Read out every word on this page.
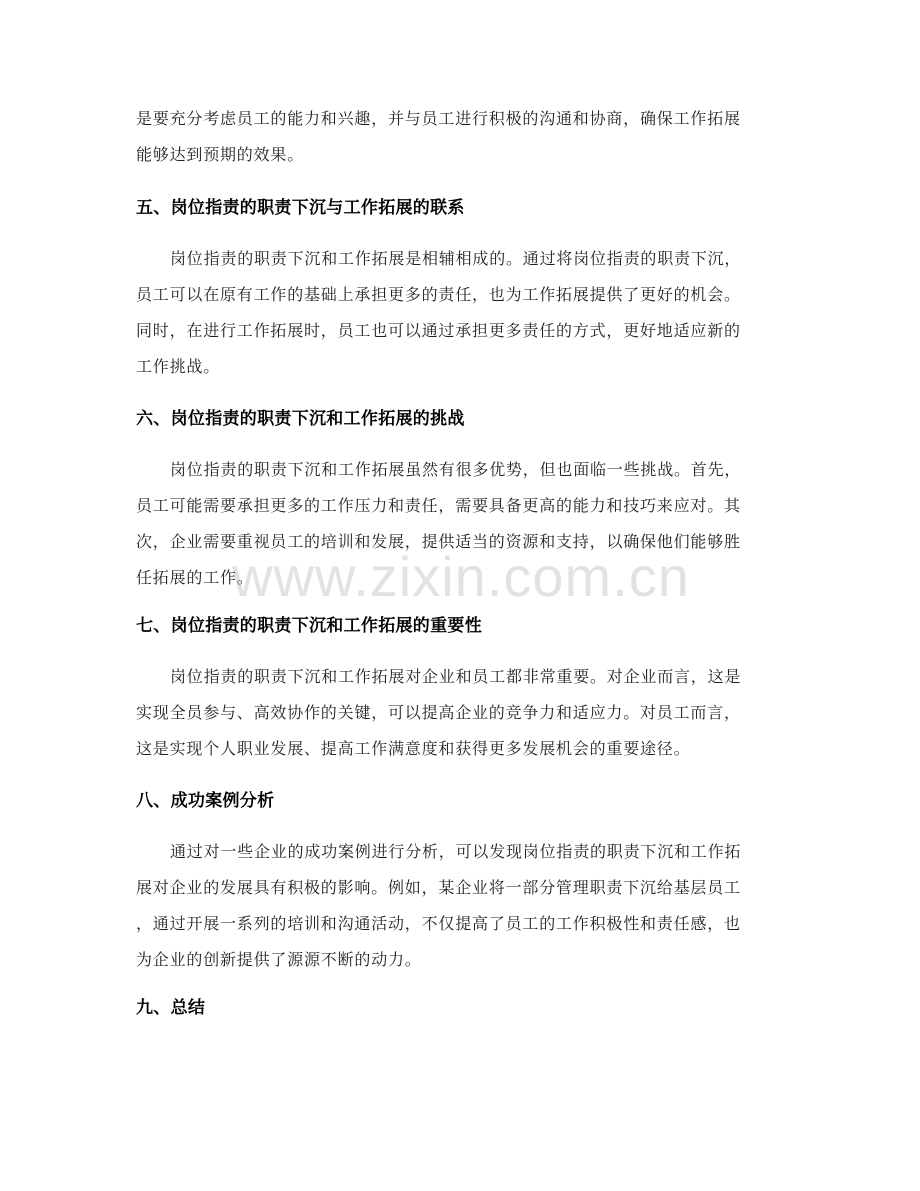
是要充分考虑员工的能力和兴趣，并与员工进行积极的沟通和协商，确保工作拓展
能够达到预期的效果。
五、岗位指责的职责下沉与工作拓展的联系
岗位指责的职责下沉和工作拓展是相辅相成的。通过将岗位指责的职责下沉，
员工可以在原有工作的基础上承担更多的责任，也为工作拓展提供了更好的机会。
同时，在进行工作拓展时，员工也可以通过承担更多责任的方式，更好地适应新的
工作挑战。
六、岗位指责的职责下沉和工作拓展的挑战
岗位指责的职责下沉和工作拓展虽然有很多优势，但也面临一些挑战。首先，
员工可能需要承担更多的工作压力和责任，需要具备更高的能力和技巧来应对。其
次，企业需要重视员工的培训和发展，提供适当的资源和支持，以确保他们能够胜
任拓展的工作。
七、岗位指责的职责下沉和工作拓展的重要性
岗位指责的职责下沉和工作拓展对企业和员工都非常重要。对企业而言，这是
实现全员参与、高效协作的关键，可以提高企业的竞争力和适应力。对员工而言，
这是实现个人职业发展、提高工作满意度和获得更多发展机会的重要途径。
八、成功案例分析
通过对一些企业的成功案例进行分析，可以发现岗位指责的职责下沉和工作拓
展对企业的发展具有积极的影响。例如，某企业将一部分管理职责下沉给基层员工
，通过开展一系列的培训和沟通活动，不仅提高了员工的工作积极性和责任感，也
为企业的创新提供了源源不断的动力。
九、总结
www.zixin.com.cn
